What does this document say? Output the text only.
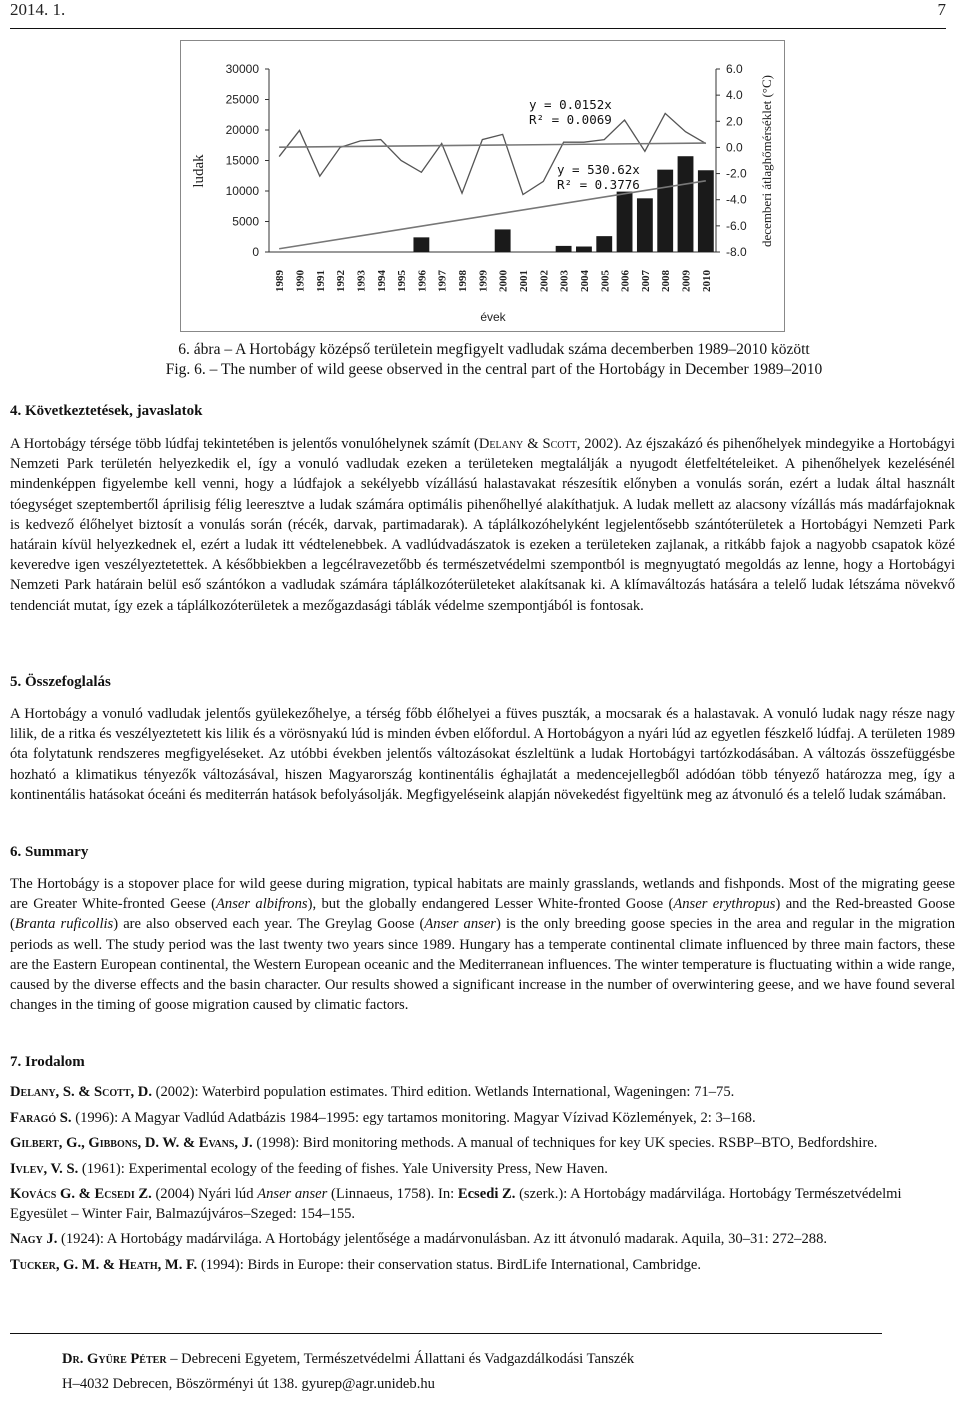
2014. 1.	7
0
5000
10000
15000
20000
25000
30000	6.0
4.0
2.0
0.0
-2.0
-4.0
-6.0
-8.0
y = 0.0152x
R² = 0.0069
y = 530.62x
R² = 0.3776
1989 1990 1991 1992 1993 1994 1995 1996 1997 1998 1999 2000 2001 2002 2003 2004 2005 2006 2007 2008 2009 2010
évek
ludak	decemberi átlaghőmérséklet (°C)
6. ábra – A Hortobágy középső területein megfigyelt vadludak száma decemberben 1989–2010 között
Fig. 6. – The number of wild geese observed in the central part of the Hortobágy in December 1989–2010
4. Következtetések, javaslatok

A Hortobágy térsége több lúdfaj tekintetében is jelentős vonulóhelynek számít (Delany & Scott, 2002). Az éjszakázó és pihenőhelyek mindegyike a Hortobágyi Nemzeti Park területén helyezkedik el, így a vonuló vadludak ezeken a területeken megtalálják a nyugodt életfeltételeiket. A pihenőhelyek kezelésénél mindenképpen figyelembe kell venni, hogy a lúdfajok a sekélyebb vízállású halastavakat részesítik előnyben a vonulás során, ezért a ludak által használt tóegységet szeptembertől áprilisig félig leeresztve a ludak számára optimális pihenőhellyé alakíthatjuk. A ludak mellett az alacsony vízállás más madárfajoknak is kedvező élőhelyet biztosít a vonulás során (récék, darvak, partimadarak). A táplálkozóhelyként legjelentősebb szántóterületek a Hortobágyi Nemzeti Park határain kívül helyezkednek el, ezért a ludak itt védtelenebbek. A vadlúdvadászatok is ezeken a területeken zajlanak, a ritkább fajok a nagyobb csapatok közé keveredve igen veszélyeztetettek. A későbbiekben a legcélravezetőbb és természetvédelmi szempontból is megnyugtató megoldás az lenne, hogy a Hortobágyi Nemzeti Park határain belül eső szántókon a vadludak számára táplálkozóterületeket alakítsanak ki. A klímaváltozás hatására a telelő ludak létszáma növekvő tendenciát mutat, így ezek a táplálkozóterületek a mezőgazdasági táblák védelme szempontjából is fontosak.

5. Összefoglalás

A Hortobágy a vonuló vadludak jelentős gyülekezőhelye, a térség főbb élőhelyei a füves puszták, a mocsarak és a halastavak. A vonuló ludak nagy része nagy lilik, de a ritka és veszélyeztetett kis lilik és a vörösnyakú lúd is minden évben előfordul. A Hortobágyon a nyári lúd az egyetlen fészkelő lúdfaj. A területen 1989 óta folytatunk rendszeres megfigyeléseket. Az utóbbi években jelentős változásokat észleltünk a ludak Hortobágyi tartózkodásában. A változás összefüggésbe hozható a klimatikus tényezők változásával, hiszen Magyarország kontinentális éghajlatát a medencejellegből adódóan több tényező határozza meg, így a kontinentális hatásokat óceáni és mediterrán hatások befolyásolják. Megfigyeléseink alapján növekedést figyeltünk meg az átvonuló és a telelő ludak számában.

6. Summary

The Hortobágy is a stopover place for wild geese during migration, typical habitats are mainly grasslands, wetlands and fishponds. Most of the migrating geese are Greater White-fronted Geese (Anser albifrons), but the globally endangered Lesser White-fronted Goose (Anser erythropus) and the Red-breasted Goose (Branta ruficollis) are also observed each year. The Greylag Goose (Anser anser) is the only breeding goose species in the area and regular in the migration periods as well. The study period was the last twenty two years since 1989. Hungary has a temperate continental climate influenced by three main factors, these are the Eastern European continental, the Western European oceanic and the Mediterranean influences. The winter temperature is fluctuating within a wide range, caused by the diverse effects and the basin character. Our results showed a significant increase in the number of overwintering geese, and we have found several changes in the timing of goose migration caused by climatic factors.

7. Irodalom

Delany, S. & Scott, D. (2002): Waterbird population estimates. Third edition. Wetlands International, Wageningen: 71–75.

Faragó S. (1996): A Magyar Vadlúd Adatbázis 1984–1995: egy tartamos monitoring. Magyar Vízivad Közlemények, 2: 3–168.

Gilbert, G., Gibbons, D. W. & Evans, J. (1998): Bird monitoring methods. A manual of techniques for key UK species. RSBP–BTO, Bedfordshire.

Ivlev, V. S. (1961): Experimental ecology of the feeding of fishes. Yale University Press, New Haven.

Kovács G. & Ecsedi Z. (2004) Nyári lúd Anser anser (Linnaeus, 1758). In: Ecsedi Z. (szerk.): A Hortobágy madárvilága. Hortobágy Természetvédelmi Egyesület – Winter Fair, Balmazújváros–Szeged: 154–155.

Nagy J. (1924): A Hortobágy madárvilága. A Hortobágy jelentősége a madárvonulásban. Az itt átvonuló madarak. Aquila, 30–31: 272–288.

Tucker, G. M. & Heath, M. F. (1994): Birds in Europe: their conservation status. BirdLife International, Cambridge.

Dr. Gyüre Péter – Debreceni Egyetem, Természetvédelmi Állattani és Vadgazdálkodási Tanszék
H–4032 Debrecen, Böszörményi út 138. gyurep@agr.unideb.hu
